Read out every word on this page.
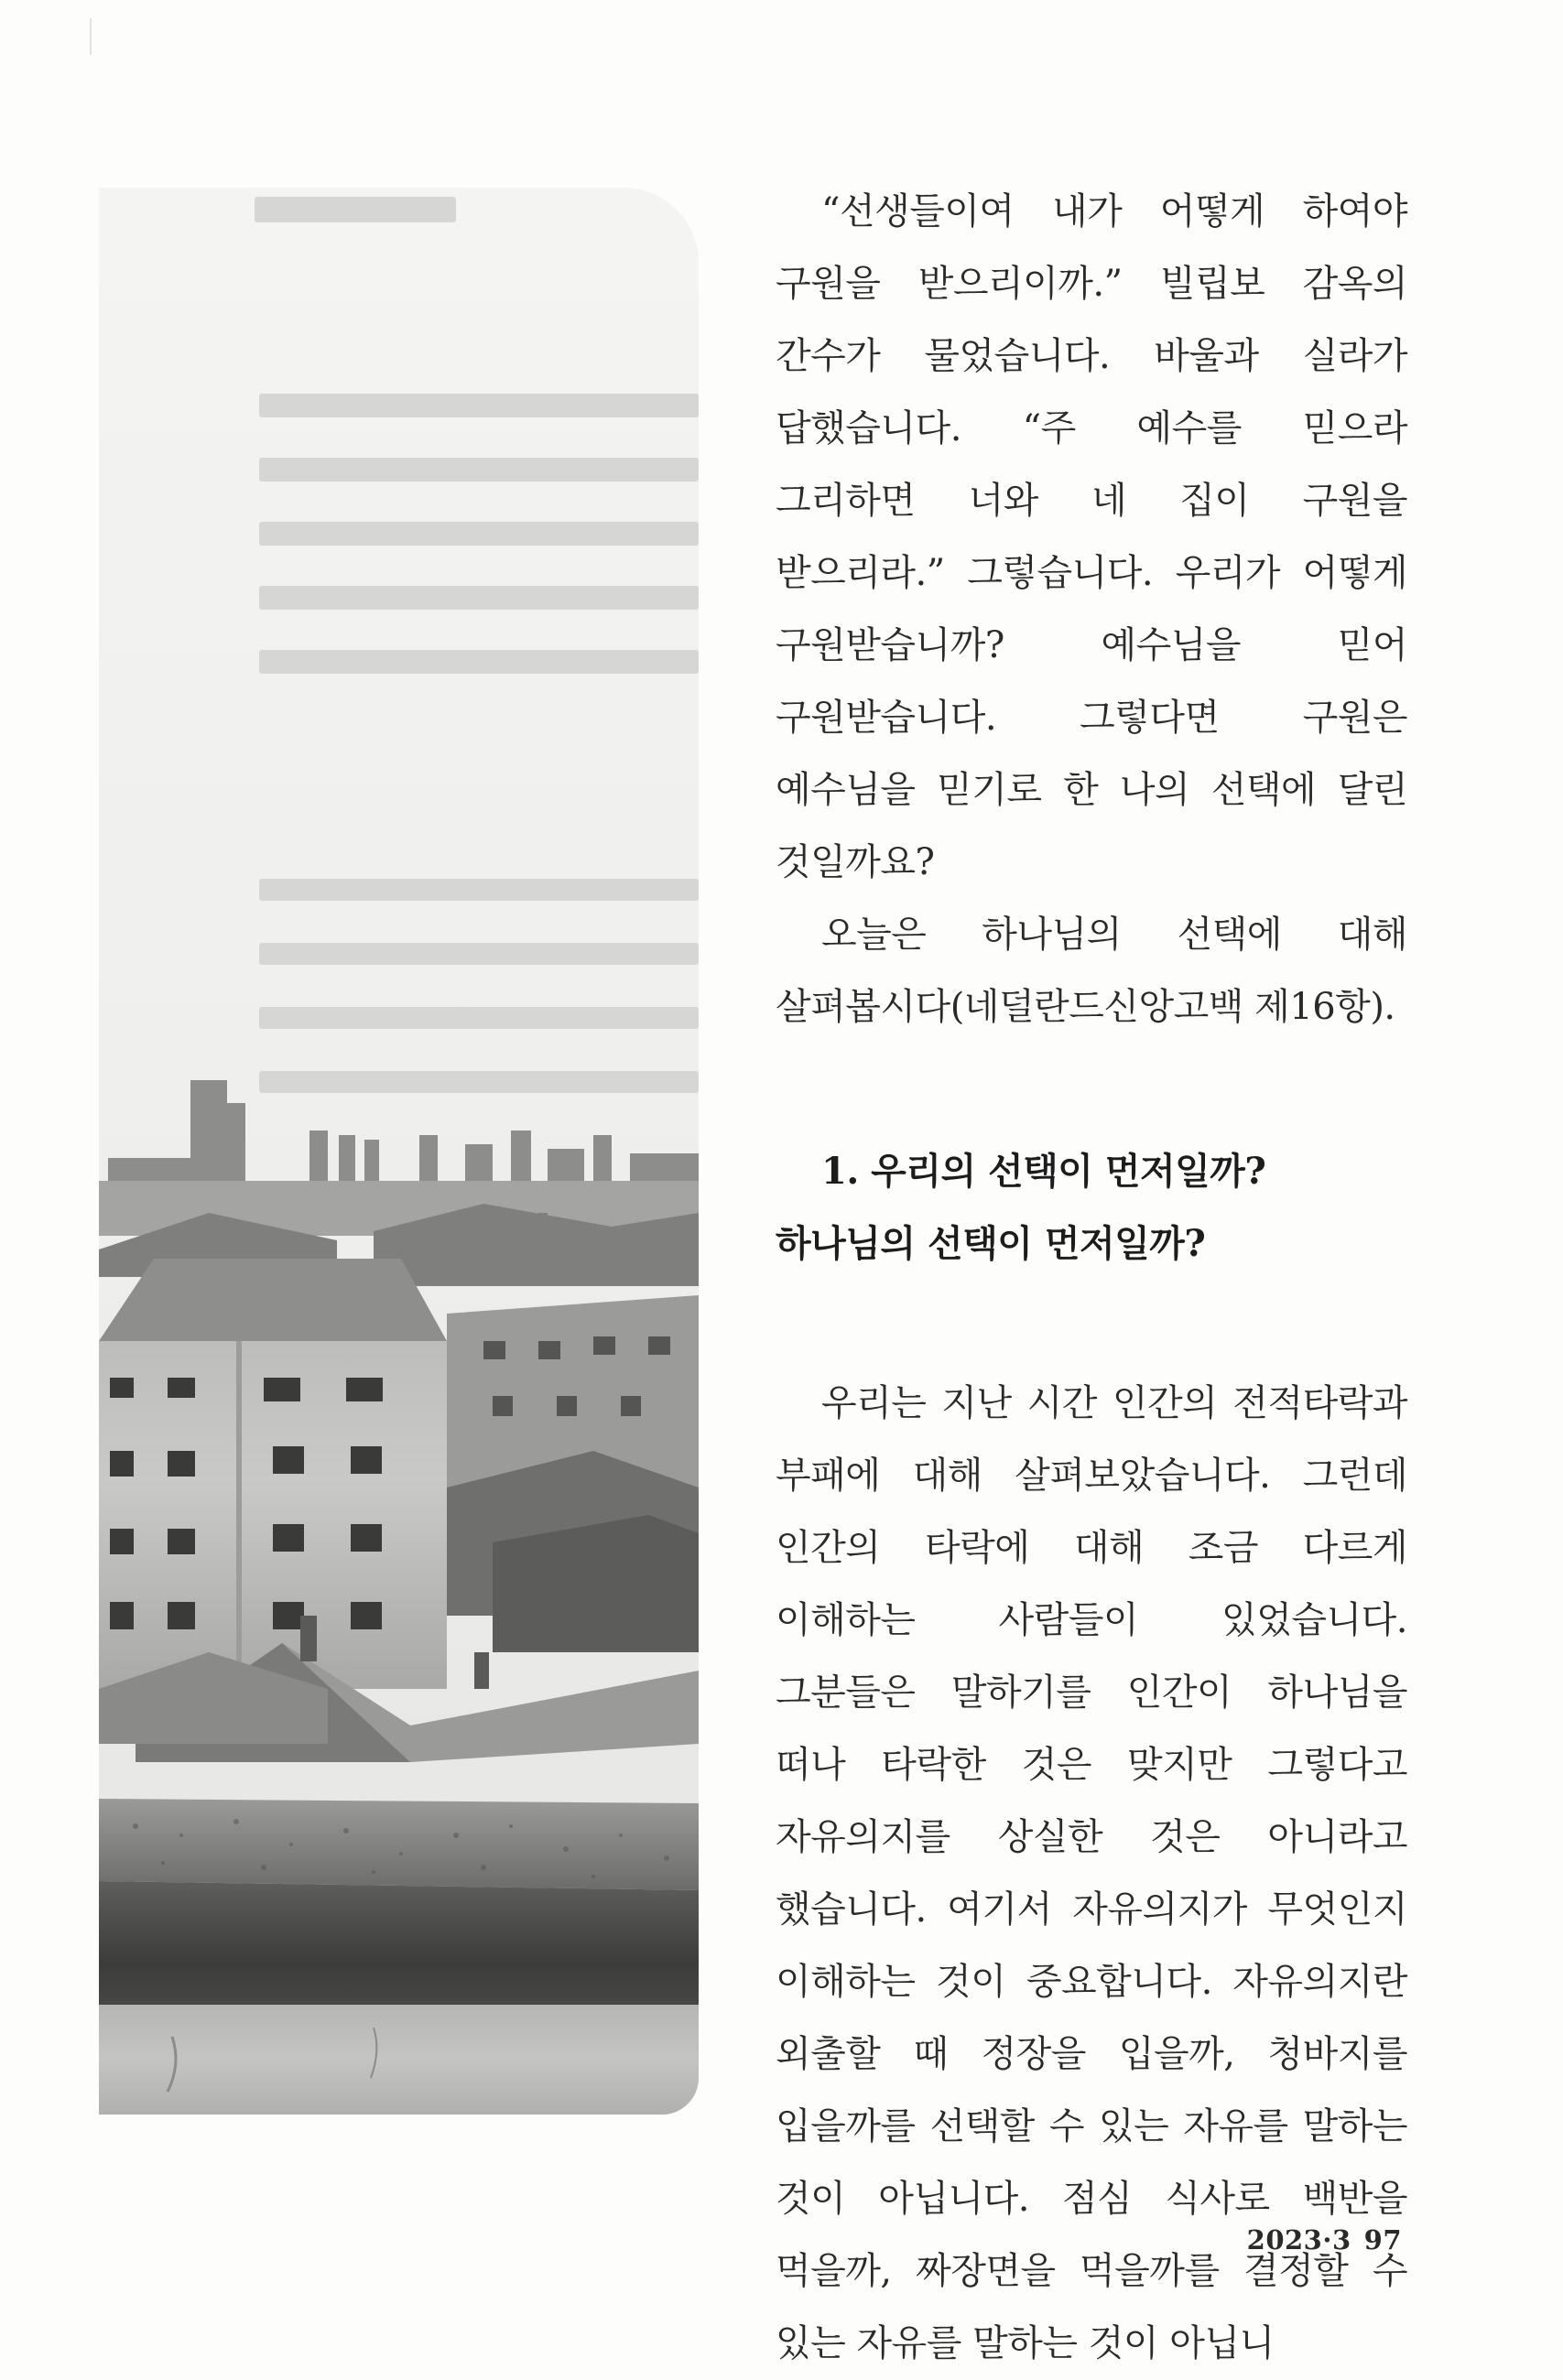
“선생들이여 내가 어떻게 하여야 구원을 받으리이까.” 빌립보 감옥의 간수가 물었습니다. 바울과 실라가 답했습니다. “주 예수를 믿으라 그리하면 너와 네 집이 구원을 받으리라.” 그렇습니다. 우리가 어떻게 구원받습니까? 예수님을 믿어 구원받습니다. 그렇다면 구원은 예수님을 믿기로 한 나의 선택에 달린 것일까요?

오늘은 하나님의 선택에 대해 살펴봅시다(네덜란드신앙고백 제16항).

1. 우리의 선택이 먼저일까? 하나님의 선택이 먼저일까?

우리는 지난 시간 인간의 전적타락과 부패에 대해 살펴보았습니다. 그런데 인간의 타락에 대해 조금 다르게 이해하는 사람들이 있었습니다. 그분들은 말하기를 인간이 하나님을 떠나 타락한 것은 맞지만 그렇다고 자유의지를 상실한 것은 아니라고 했습니다. 여기서 자유의지가 무엇인지 이해하는 것이 중요합니다. 자유의지란 외출할 때 정장을 입을까, 청바지를 입을까를 선택할 수 있는 자유를 말하는 것이 아닙니다. 점심 식사로 백반을 먹을까, 짜장면을 먹을까를 결정할 수 있는 자유를 말하는 것이 아닙니

2023·3 97
